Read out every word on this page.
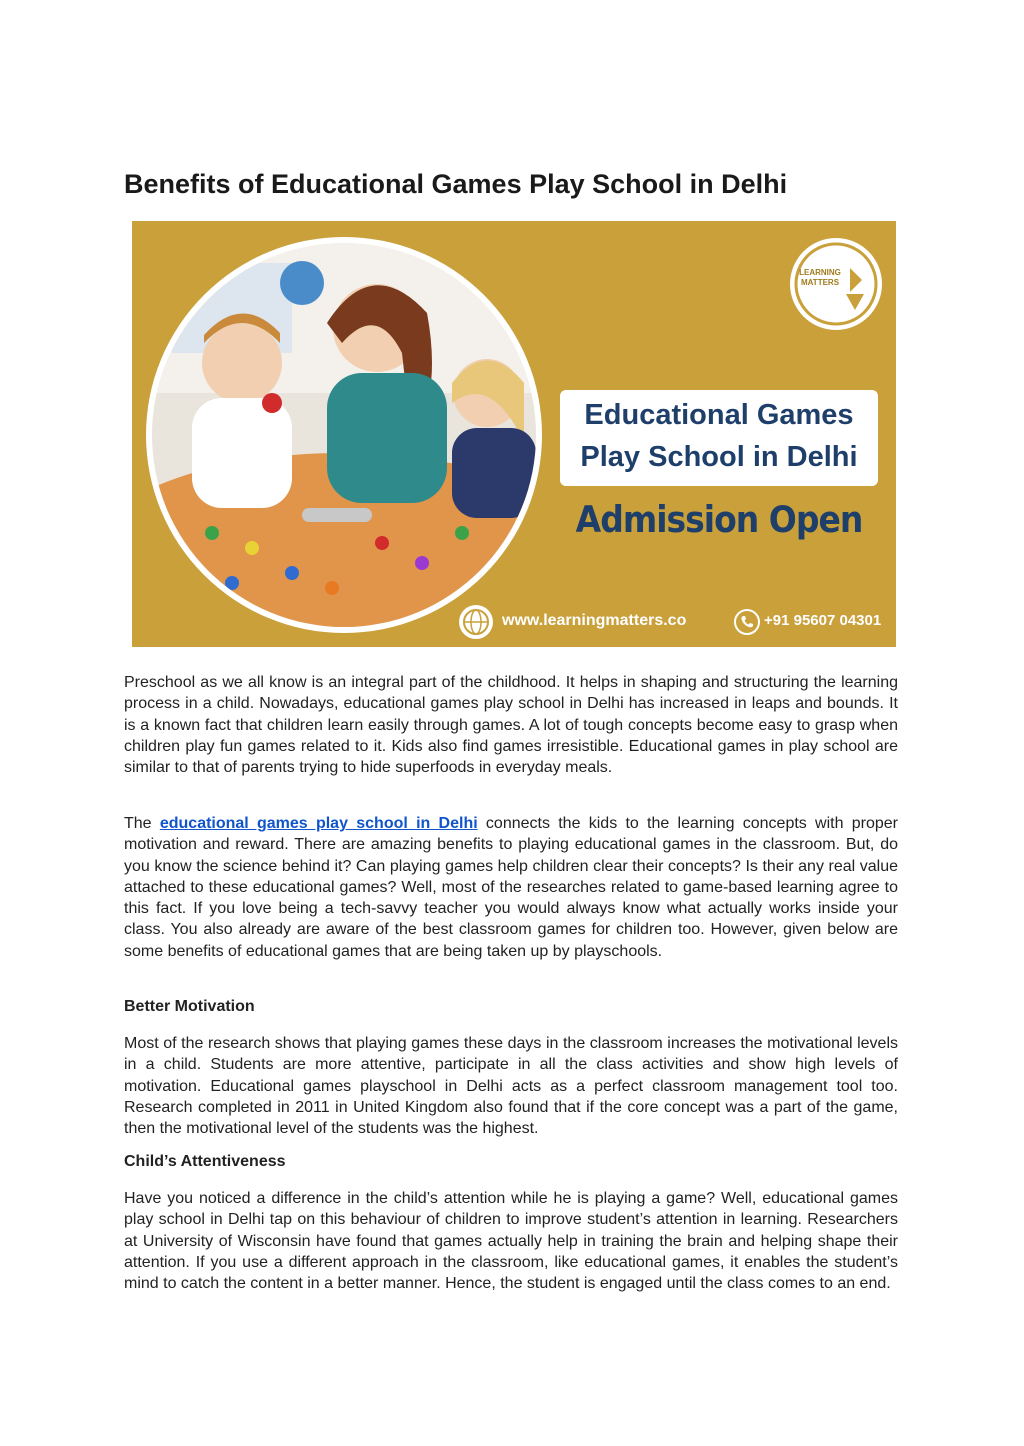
Benefits of Educational Games Play School in Delhi
LEARNING MATTERS
Educational Games
Play School in Delhi
Admission Open
www.learningmatters.co	+91 95607 04301

Preschool as we all know is an integral part of the childhood. It helps in shaping and structuring the learning process in a child. Nowadays, educational games play school in Delhi has increased in leaps and bounds. It is a known fact that children learn easily through games. A lot of tough concepts become easy to grasp when children play fun games related to it. Kids also find games irresistible. Educational games in play school are similar to that of parents trying to hide superfoods in everyday meals.

The educational games play school in Delhi connects the kids to the learning concepts with proper motivation and reward. There are amazing benefits to playing educational games in the classroom. But, do you know the science behind it? Can playing games help children clear their concepts? Is their any real value attached to these educational games? Well, most of the researches related to game-based learning agree to this fact. If you love being a tech-savvy teacher you would always know what actually works inside your class. You also already are aware of the best classroom games for children too. However, given below are some benefits of educational games that are being taken up by playschools.

Better Motivation

Most of the research shows that playing games these days in the classroom increases the motivational levels in a child. Students are more attentive, participate in all the class activities and show high levels of motivation. Educational games playschool in Delhi acts as a perfect classroom management tool too. Research completed in 2011 in United Kingdom also found that if the core concept was a part of the game, then the motivational level of the students was the highest.

Child’s Attentiveness

Have you noticed a difference in the child’s attention while he is playing a game? Well, educational games play school in Delhi tap on this behaviour of children to improve student’s attention in learning. Researchers at University of Wisconsin have found that games actually help in training the brain and helping shape their attention. If you use a different approach in the classroom, like educational games, it enables the student’s mind to catch the content in a better manner. Hence, the student is engaged until the class comes to an end.
